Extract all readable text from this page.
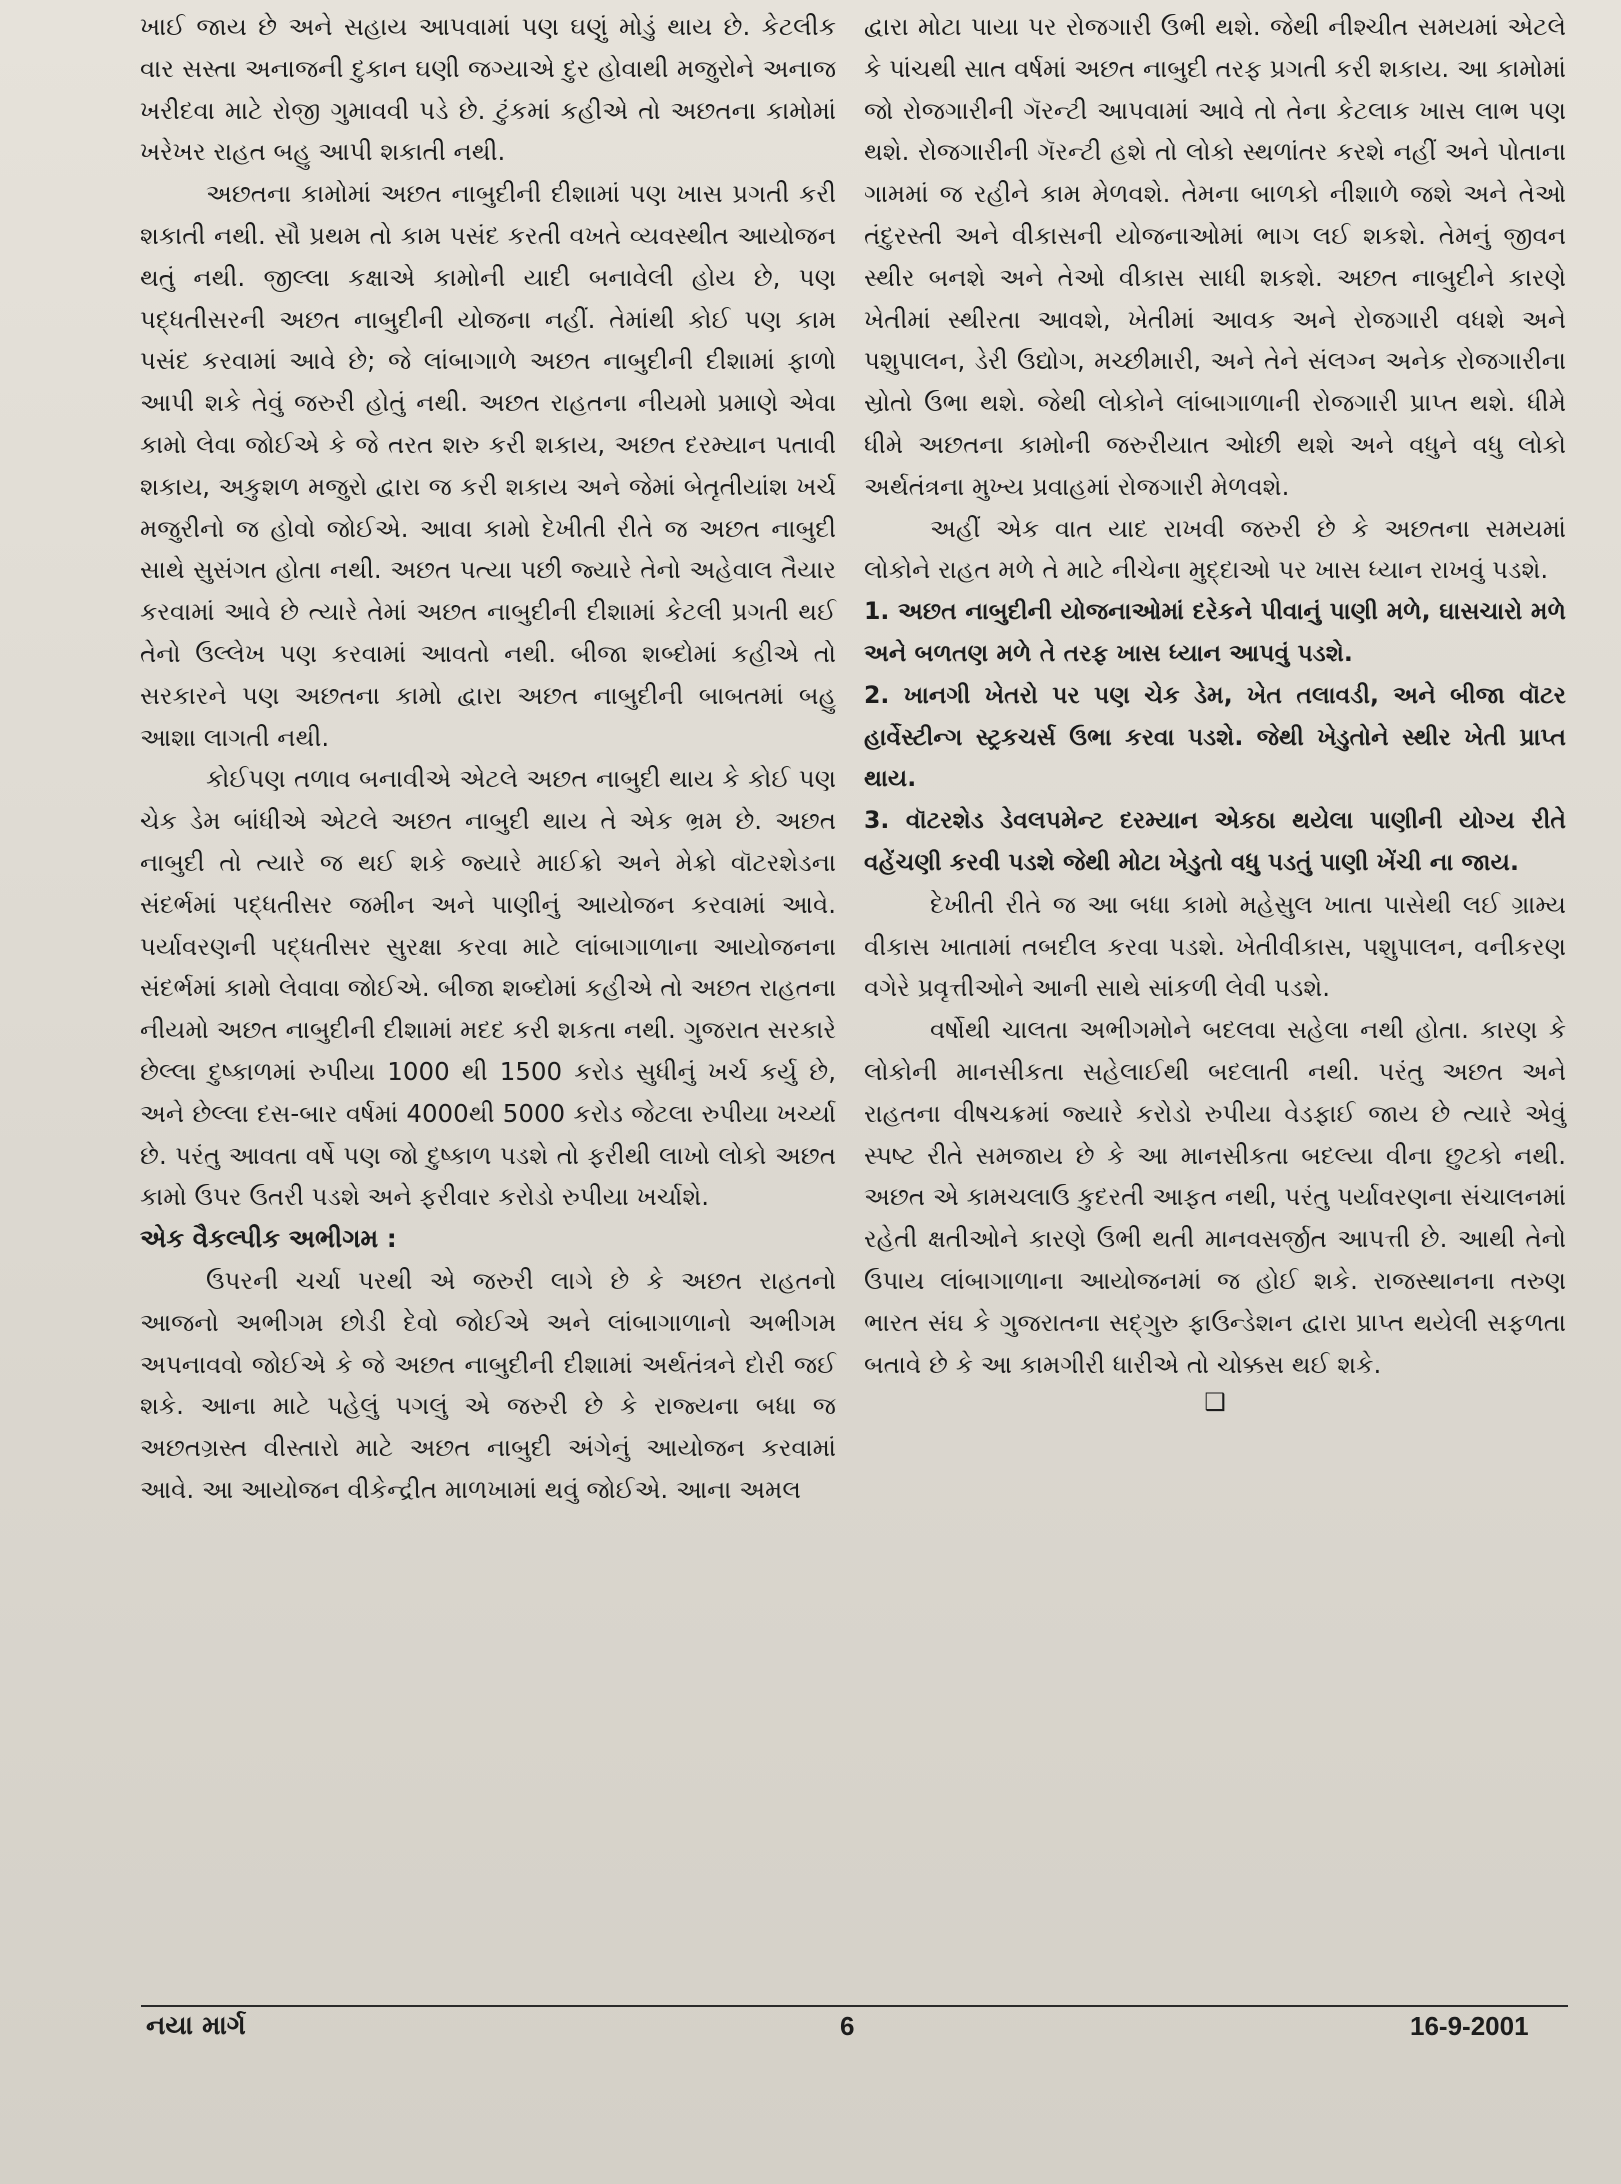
ખાઈ જાય છે અને સહાય આપવામાં પણ ઘણું મોડું થાય છે. કેટલીક વાર સસ્તા અનાજની દુકાન ઘણી જગ્યાએ દુર હોવાથી મજુરોને અનાજ ખરીદવા માટે રોજી ગુમાવવી પડે છે. ટુંકમાં કહીએ તો અછતના કામોમાં ખરેખર રાહત બહુ આપી શકાતી નથી.

અછતના કામોમાં અછત નાબુદીની દીશામાં પણ ખાસ પ્રગતી કરી શકાતી નથી. સૌ પ્રથમ તો કામ પસંદ કરતી વખતે વ્યવસ્થીત આયોજન થતું નથી. જીલ્લા કક્ષાએ કામોની યાદી બનાવેલી હોય છે, પણ પદ્ધતીસરની અછત નાબુદીની યોજના નહીં. તેમાંથી કોઈ પણ કામ પસંદ કરવામાં આવે છે; જે લાંબાગાળે અછત નાબુદીની દીશામાં ફાળો આપી શકે તેવું જરુરી હોતું નથી. અછત રાહતના નીયમો પ્રમાણે એવા કામો લેવા જોઈએ કે જે તરત શરુ કરી શકાય, અછત દરમ્યાન પતાવી શકાય, અકુશળ મજુરો દ્વારા જ કરી શકાય અને જેમાં બેતૃતીયાંશ ખર્ચ મજુરીનો જ હોવો જોઈએ. આવા કામો દેખીતી રીતે જ અછત નાબુદી સાથે સુસંગત હોતા નથી. અછત પત્યા પછી જ્યારે તેનો અહેવાલ તૈયાર કરવામાં આવે છે ત્યારે તેમાં અછત નાબુદીની દીશામાં કેટલી પ્રગતી થઈ તેનો ઉલ્લેખ પણ કરવામાં આવતો નથી. બીજા શબ્દોમાં કહીએ તો સરકારને પણ અછતના કામો દ્વારા અછત નાબુદીની બાબતમાં બહુ આશા લાગતી નથી.

કોઈપણ તળાવ બનાવીએ એટલે અછત નાબુદી થાય કે કોઈ પણ ચેક ડેમ બાંધીએ એટલે અછત નાબુદી થાય તે એક ભ્રમ છે. અછત નાબુદી તો ત્યારે જ થઈ શકે જ્યારે માઈક્રો અને મેક્રો વૉટરશેડના સંદર્ભમાં પદ્ધતીસર જમીન અને પાણીનું આયોજન કરવામાં આવે. પર્યાવરણની પદ્ધતીસર સુરક્ષા કરવા માટે લાંબાગાળાના આયોજનના સંદર્ભમાં કામો લેવાવા જોઈએ. બીજા શબ્દોમાં કહીએ તો અછત રાહતના નીયમો અછત નાબુદીની દીશામાં મદદ કરી શકતા નથી. ગુજરાત સરકારે છેલ્લા દુષ્કાળમાં રુપીયા 1000 થી 1500 કરોડ સુધીનું ખર્ચ કર્યુ છે, અને છેલ્લા દસ-બાર વર્ષમાં 4000થી 5000 કરોડ જેટલા રુપીયા ખર્ચ્યા છે. પરંતુ આવતા વર્ષે પણ જો દુષ્કાળ પડશે તો ફરીથી લાખો લોકો અછત કામો ઉપર ઉતરી પડશે અને ફરીવાર કરોડો રુપીયા ખર્ચાશે.

એક વૈકલ્પીક અભીગમ :

ઉપરની ચર્ચા પરથી એ જરુરી લાગે છે કે અછત રાહતનો આજનો અભીગમ છોડી દેવો જોઈએ અને લાંબાગાળાનો અભીગમ અપનાવવો જોઈએ કે જે અછત નાબુદીની દીશામાં અર્થતંત્રને દોરી જઈ શકે. આના માટે પહેલું પગલું એ જરુરી છે કે રાજ્યના બધા જ અછતગ્રસ્ત વીસ્તારો માટે અછત નાબુદી અંગેનું આયોજન કરવામાં આવે. આ આયોજન વીકેન્દ્રીત માળખામાં થવું જોઈએ. આના અમલ

દ્વારા મોટા પાયા પર રોજગારી ઉભી થશે. જેથી નીશ્ચીત સમયમાં એટલે કે પાંચથી સાત વર્ષમાં અછત નાબુદી તરફ પ્રગતી કરી શકાય. આ કામોમાં જો રોજગારીની ગૅરન્ટી આપવામાં આવે તો તેના કેટલાક ખાસ લાભ પણ થશે. રોજગારીની ગૅરન્ટી હશે તો લોકો સ્થળાંતર કરશે નહીં અને પોતાના ગામમાં જ રહીને કામ મેળવશે. તેમના બાળકો નીશાળે જશે અને તેઓ તંદુરસ્તી અને વીકાસની યોજનાઓમાં ભાગ લઈ શકશે. તેમનું જીવન સ્થીર બનશે અને તેઓ વીકાસ સાધી શકશે. અછત નાબુદીને કારણે ખેતીમાં સ્થીરતા આવશે, ખેતીમાં આવક અને રોજગારી વધશે અને પશુપાલન, ડેરી ઉદ્યોગ, મચ્છીમારી, અને તેને સંલગ્ન અનેક રોજગારીના સ્રોતો ઉભા થશે. જેથી લોકોને લાંબાગાળાની રોજગારી પ્રાપ્ત થશે. ધીમે ધીમે અછતના કામોની જરુરીયાત ઓછી થશે અને વધુને વધુ લોકો અર્થતંત્રના મુખ્ય પ્રવાહમાં રોજગારી મેળવશે.

અહીં એક વાત યાદ રાખવી જરુરી છે કે અછતના સમયમાં લોકોને રાહત મળે તે માટે નીચેના મુદ્દાઓ પર ખાસ ધ્યાન રાખવું પડશે.

1. અછત નાબુદીની યોજનાઓમાં દરેકને પીવાનું પાણી મળે, ઘાસચારો મળે અને બળતણ મળે તે તરફ ખાસ ધ્યાન આપવું પડશે.

2. ખાનગી ખેતરો પર પણ ચેક ડેમ, ખેત તલાવડી, અને બીજા વૉટર હાર્વેસ્ટીન્ગ સ્ટ્રકચર્સ ઉભા કરવા પડશે. જેથી ખેડુતોને સ્થીર ખેતી પ્રાપ્ત થાય.

3. વૉટરશેડ ડેવલપમેન્ટ દરમ્યાન એકઠા થયેલા પાણીની યોગ્ય રીતે વહેંચણી કરવી પડશે જેથી મોટા ખેડુતો વધુ પડતું પાણી ખેંચી ના જાય.

દેખીતી રીતે જ આ બધા કામો મહેસુલ ખાતા પાસેથી લઈ ગ્રામ્ય વીકાસ ખાતામાં તબદીલ કરવા પડશે. ખેતીવીકાસ, પશુપાલન, વનીકરણ વગેરે પ્રવૃત્તીઓને આની સાથે સાંકળી લેવી પડશે.

વર્ષોથી ચાલતા અભીગમોને બદલવા સહેલા નથી હોતા. કારણ કે લોકોની માનસીકતા સહેલાઈથી બદલાતી નથી. પરંતુ અછત અને રાહતના વીષચક્રમાં જ્યારે કરોડો રુપીયા વેડફાઈ જાય છે ત્યારે એવું સ્પષ્ટ રીતે સમજાય છે કે આ માનસીકતા બદલ્યા વીના છુટકો નથી. અછત એ કામચલાઉ કુદરતી આફત નથી, પરંતુ પર્યાવરણના સંચાલનમાં રહેતી ક્ષતીઓને કારણે ઉભી થતી માનવસર્જીત આપત્તી છે. આથી તેનો ઉપાય લાંબાગાળાના આયોજનમાં જ હોઈ શકે. રાજસ્થાનના તરુણ ભારત સંઘ કે ગુજરાતના સદ્‌ગુરુ ફાઉન્ડેશન દ્વારા પ્રાપ્ત થયેલી સફળતા બતાવે છે કે આ કામગીરી ધારીએ તો ચોક્કસ થઈ શકે.

❑
નયા માર્ગ	6	16-9-2001
